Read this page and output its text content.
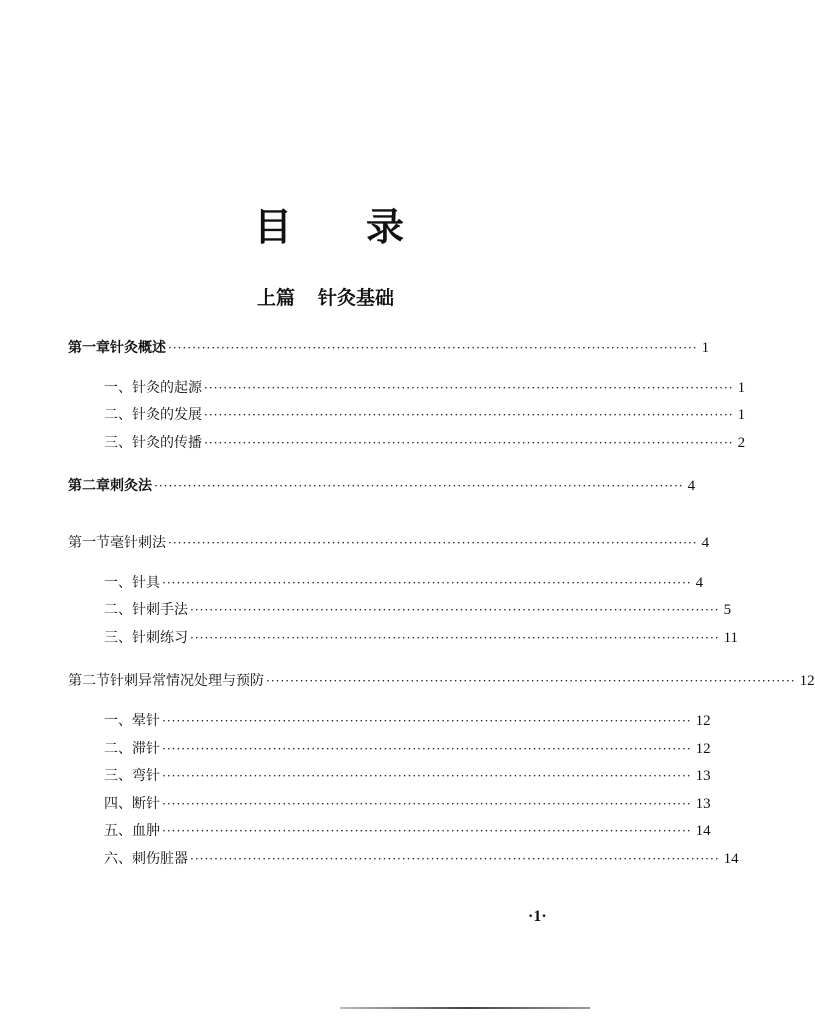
目 录
上篇 针灸基础
第一章 针灸概述 ·············································································································· 1
一、 针灸的起源 ·············································································································· 1
二、 针灸的发展 ·············································································································· 1
三、 针灸的传播 ·············································································································· 2
第二章 刺灸法 ·············································································································· 4
第一节 毫针刺法 ·············································································································· 4
一、 针具 ·············································································································· 4
二、 针刺手法 ·············································································································· 5
三、 针刺练习 ·············································································································· 11
第二节 针刺异常情况处理与预防 ·············································································································· 12
一、 晕针 ·············································································································· 12
二、 滞针 ·············································································································· 12
三、 弯针 ·············································································································· 13
四、 断针 ·············································································································· 13
五、 血肿 ·············································································································· 14
六、 刺伤脏器 ·············································································································· 14
·1·
